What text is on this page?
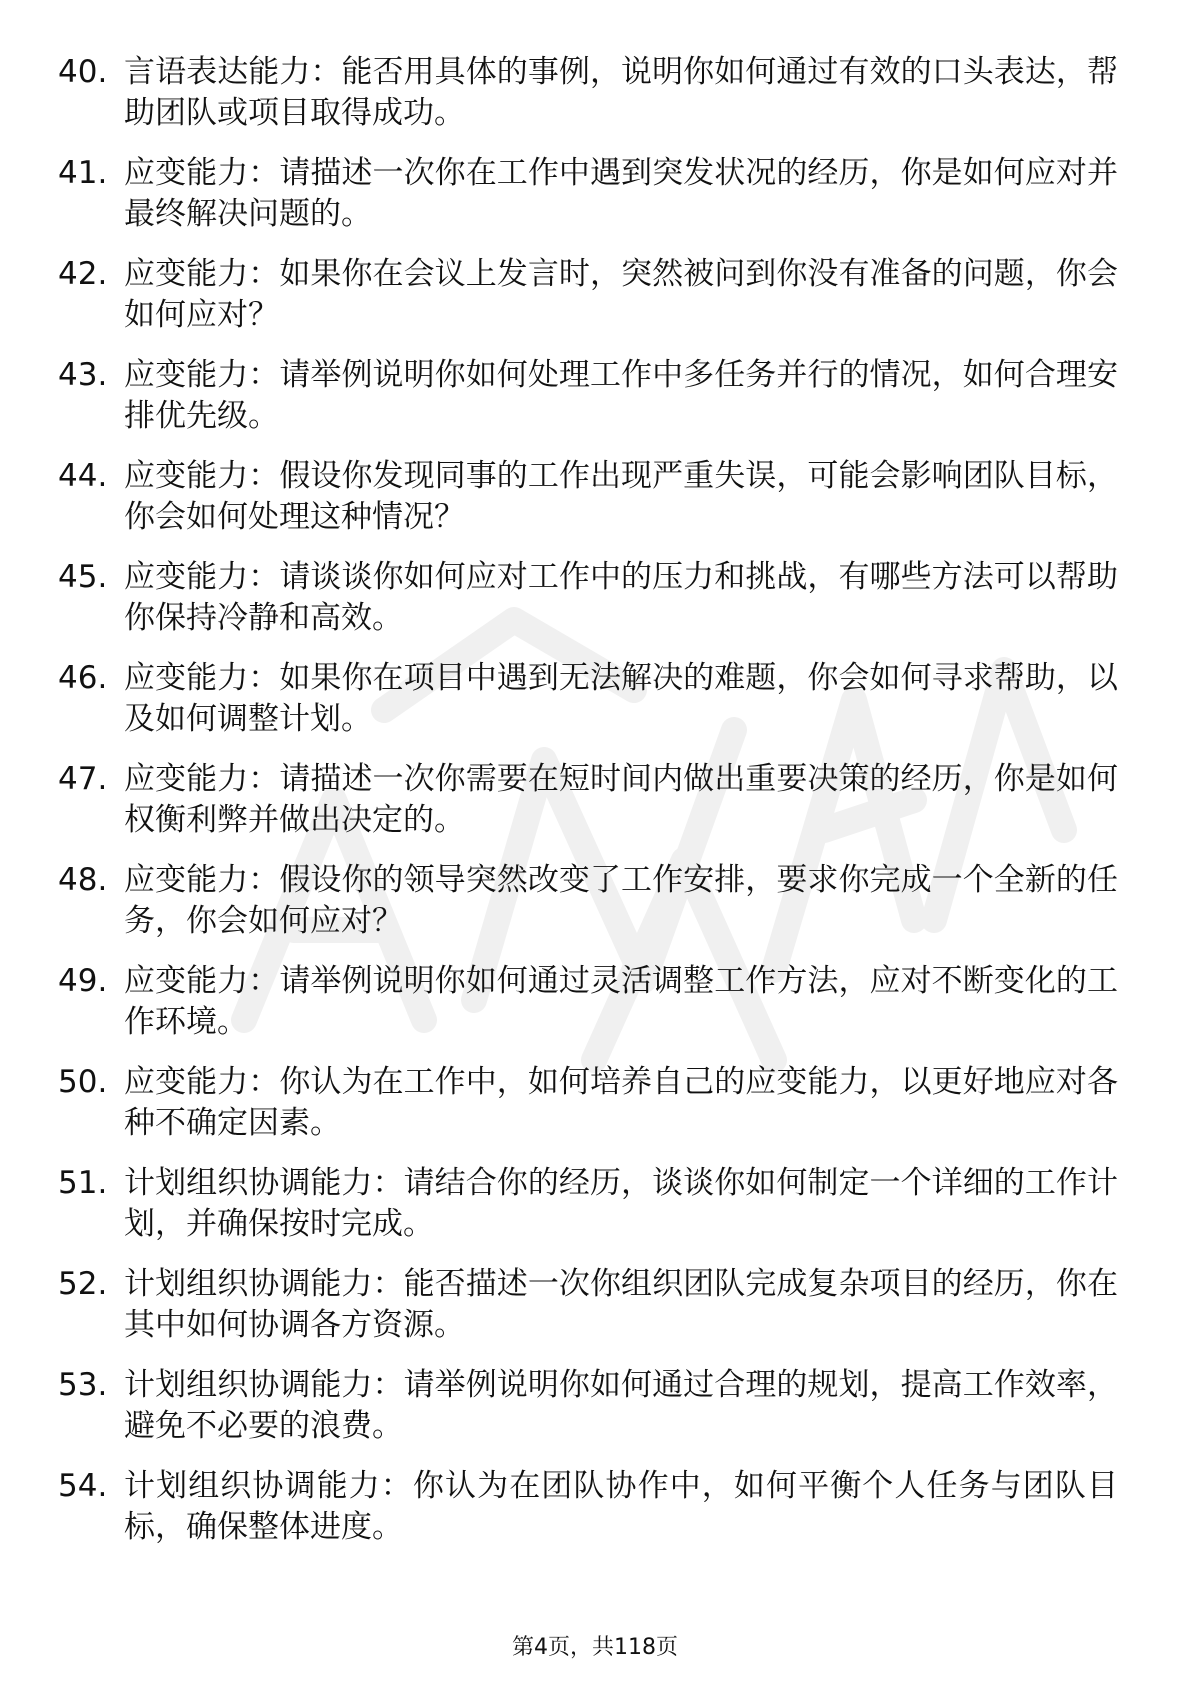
40. 言语表达能力：能否用具体的事例，说明你如何通过有效的口头表达，帮助团队或项目取得成功。
41. 应变能力：请描述一次你在工作中遇到突发状况的经历，你是如何应对并最终解决问题的。
42. 应变能力：如果你在会议上发言时，突然被问到你没有准备的问题，你会如何应对？
43. 应变能力：请举例说明你如何处理工作中多任务并行的情况，如何合理安排优先级。
44. 应变能力：假设你发现同事的工作出现严重失误，可能会影响团队目标，你会如何处理这种情况？
45. 应变能力：请谈谈你如何应对工作中的压力和挑战，有哪些方法可以帮助你保持冷静和高效。
46. 应变能力：如果你在项目中遇到无法解决的难题，你会如何寻求帮助，以及如何调整计划。
47. 应变能力：请描述一次你需要在短时间内做出重要决策的经历，你是如何权衡利弊并做出决定的。
48. 应变能力：假设你的领导突然改变了工作安排，要求你完成一个全新的任务，你会如何应对？
49. 应变能力：请举例说明你如何通过灵活调整工作方法，应对不断变化的工作环境。
50. 应变能力：你认为在工作中，如何培养自己的应变能力，以更好地应对各种不确定因素。
51. 计划组织协调能力：请结合你的经历，谈谈你如何制定一个详细的工作计划，并确保按时完成。
52. 计划组织协调能力：能否描述一次你组织团队完成复杂项目的经历，你在其中如何协调各方资源。
53. 计划组织协调能力：请举例说明你如何通过合理的规划，提高工作效率，避免不必要的浪费。
54. 计划组织协调能力：你认为在团队协作中，如何平衡个人任务与团队目标，确保整体进度。
第4页，共118页
